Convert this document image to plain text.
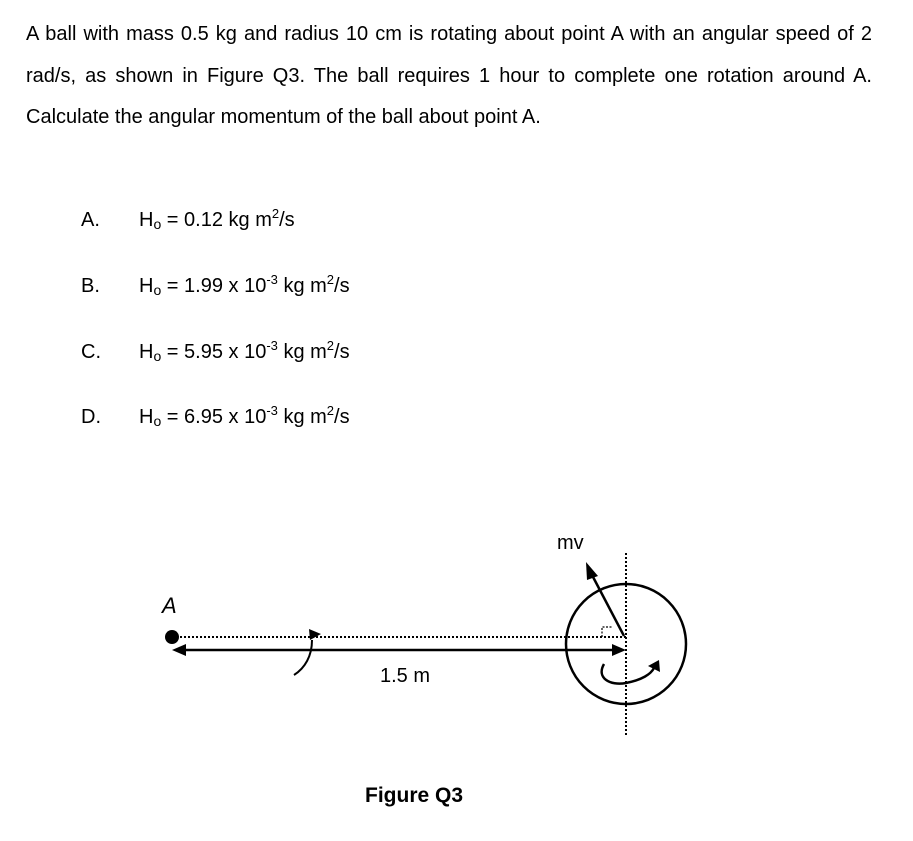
A ball with mass 0.5 kg and radius 10 cm is rotating about point A with an angular speed of 2 rad/s, as shown in Figure Q3. The ball requires 1 hour to complete one rotation around A. Calculate the angular momentum of the ball about point A.

A. Ho = 0.12 kg $m^2/s$
B. Ho = 1.99 x $10^{-3}$ kg $m^2/s$
C. Ho = 5.95 x $10^{-3}$ kg $m^2/s$
D. Ho = 6.95 x $10^{-3}$ kg $m^2/s$
A
1.5 m
mv
Figure Q3
